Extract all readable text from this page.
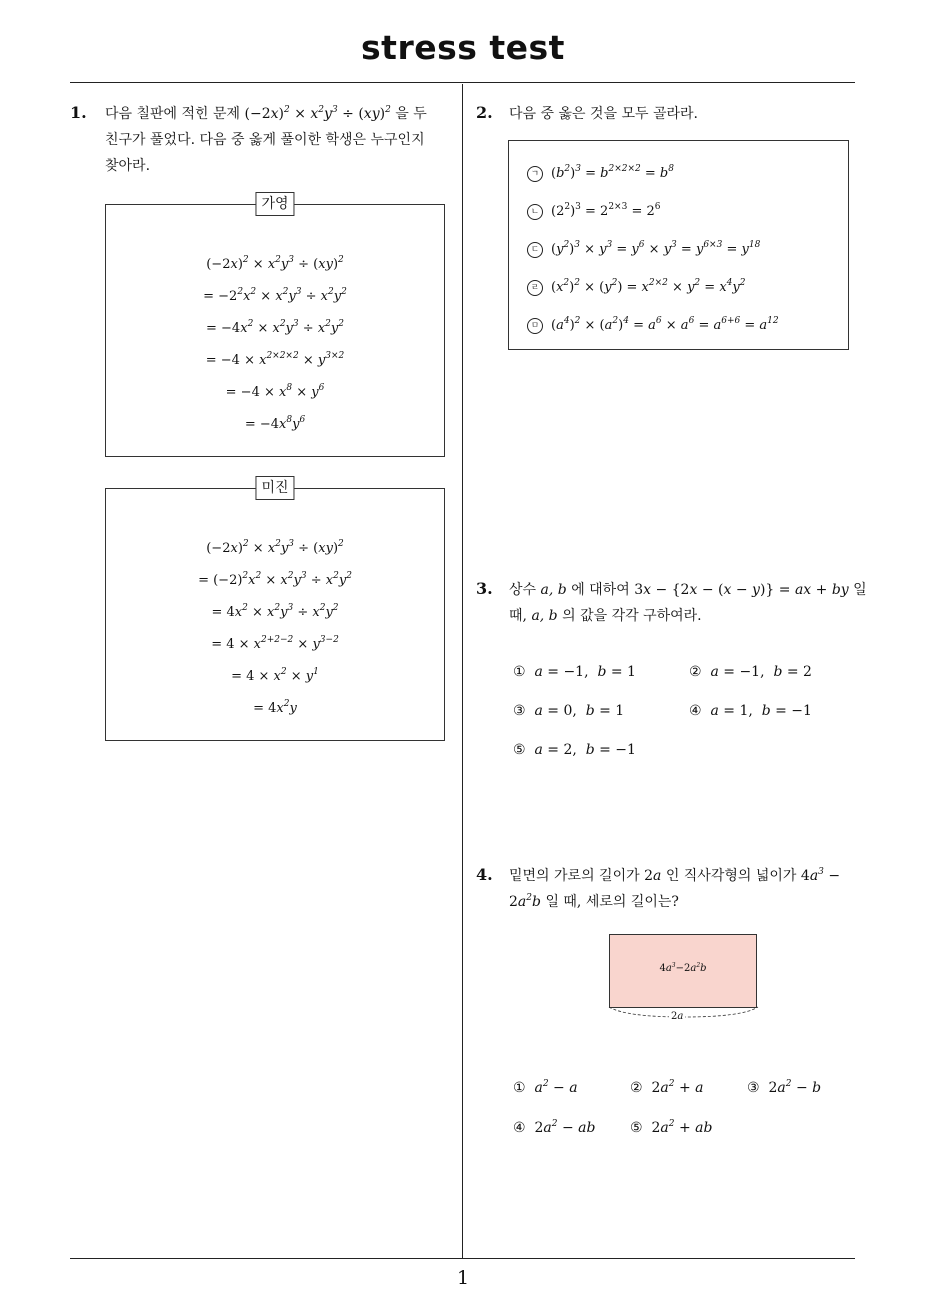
stress test
1
1. 다음 칠판에 적힌 문제 $(-2x)^2 \times x^2y^3 \div (xy)^2$ 을 두
친구가 풀었다. 다음 중 옳게 풀이한 학생은 누구인지
찾아라.
가영
$(-2x)^2 \times x^2y^3 \div (xy)^2$
= $-2^2x^2 \times x^2y^3 \div x^2y^2$
= $-4x^2 \times x^2y^3 \div x^2y^2$
= $-4 \times x^{2\times 2\times 2} \times y^{3\times 2}$
= $-4 \times x^8 \times y^6$
= $-4x^8y^6$
미진
$(-2x)^2 \times x^2y^3 \div (xy)^2$
= $(-2)^2x^2 \times x^2y^3 \div x^2y^2$
= $4x^2 \times x^2y^3 \div x^2y^2$
= $4 \times x^{2+2-2} \times y^{3-2}$
= $4 \times x^2 \times y^1$
= $4x^2y$
2. 다음 중 옳은 것을 모두 골라라.
ㄱ $(b^2)^3 = b^{2\times 2\times 2} = b^8$
ㄴ $(2^2)^3 = 2^{2\times 3} = 2^6$
ㄷ $(y^2)^3 \times y^3 = y^6 \times y^3 = y^{6\times 3} = y^{18}$
ㄹ $(x^2)^2 \times (y^2) = x^{2\times 2} \times y^2 = x^4y^2$
ㅁ $(a^4)^2 \times (a^2)^4 = a^6 \times a^6 = a^{6+6} = a^{12}$
3. 상수 a, b 에 대하여 3x − {2x − (x − y)} = ax + by 일
때, a, b 의 값을 각각 구하여라.
① a = −1,  b = 1	② a = −1,  b = 2
③ a = 0,  b = 1	④ a = 1,  b = −1
⑤ a = 2,  b = −1
4. 밑면의 가로의 길이가 2a 인 직사각형의 넓이가 $4a^3$ −
$2a^2b$ 일 때, 세로의 길이는?
$4a^3-2a^2b$
2a
① $a^2 - a$	② $2a^2 + a$	③ $2a^2 - b$
④ $2a^2$ − ab ⑤ $2a^2$ + ab
